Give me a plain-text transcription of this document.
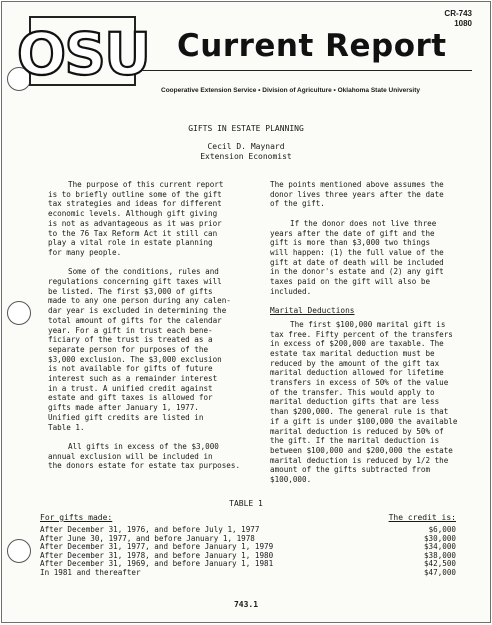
OSU Current Report
CR-743
1080
Cooperative Extension Service • Division of Agriculture • Oklahoma State University
GIFTS IN ESTATE PLANNING
Cecil D. Maynard
Extension Economist

The purpose of this current report
is to briefly outline some of the gift
tax strategies and ideas for different
economic levels. Although gift giving
is not as advantageous as it was prior
to the 76 Tax Reform Act it still can
play a vital role in estate planning
for many people.

Some of the conditions, rules and
regulations concerning gift taxes will
be listed. The first $3,000 of gifts
made to any one person during any calen-
dar year is excluded in determining the
total amount of gifts for the calendar
year. For a gift in trust each bene-
ficiary of the trust is treated as a
separate person for purposes of the
$3,000 exclusion. The $3,000 exclusion
is not available for gifts of future
interest such as a remainder interest
in a trust. A unified credit against
estate and gift taxes is allowed for
gifts made after January 1, 1977.
Unified gift credits are listed in
Table 1.

All gifts in excess of the $3,000
annual exclusion will be included in
the donors estate for estate tax purposes.

The points mentioned above assumes the
donor lives three years after the date
of the gift.

If the donor does not live three
years after the date of gift and the
gift is more than $3,000 two things
will happen: (1) the full value of the
gift at date of death will be included
in the donor's estate and (2) any gift
taxes paid on the gift will also be
included.

Marital Deductions

The first $100,000 marital gift is
tax free. Fifty percent of the transfers
in excess of $200,000 are taxable. The
estate tax marital deduction must be
reduced by the amount of the gift tax
marital deduction allowed for lifetime
transfers in excess of 50% of the value
of the transfer. This would apply to
marital deduction gifts that are less
than $200,000. The general rule is that
if a gift is under $100,000 the available
marital deduction is reduced by 50% of
the gift. If the marital deduction is
between $100,000 and $200,000 the estate
marital deduction is reduced by 1/2 the
amount of the gifts subtracted from
$100,000.

TABLE 1
For gifts made:	The credit is:
After December 31, 1976, and before July 1, 1977	$6,000
After June 30, 1977, and before January 1, 1978	$30,000
After December 31, 1977, and before January 1, 1979	$34,000
After December 31, 1978, and before January 1, 1980	$38,000
After December 31, 1969, and before January 1, 1981	$42,500
In 1981 and thereafter	$47,000
743.1
